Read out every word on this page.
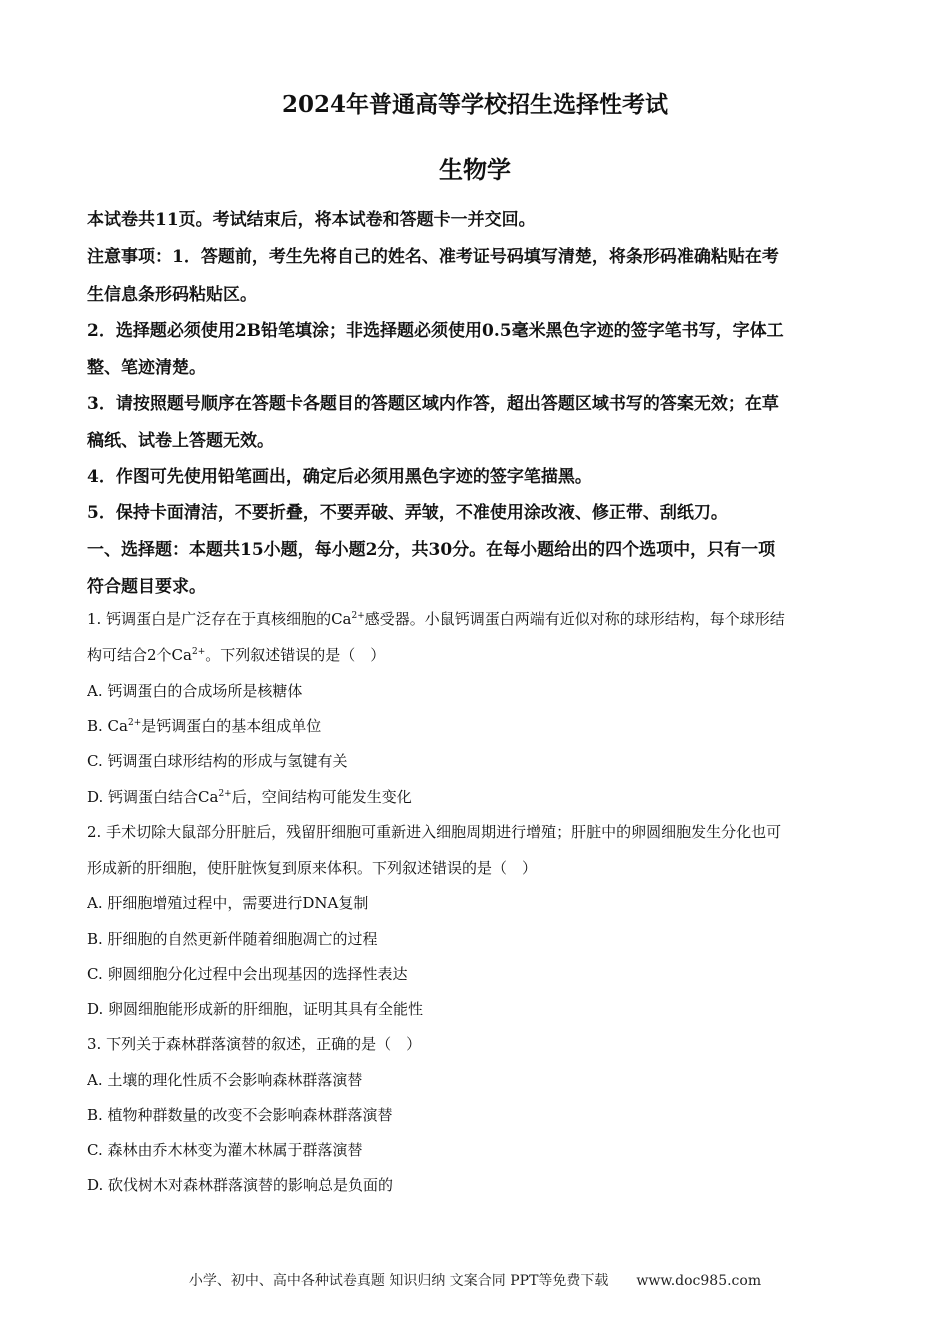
2024年普通高等学校招生选择性考试
生物学
本试卷共11页。考试结束后，将本试卷和答题卡一并交回。
注意事项：1．答题前，考生先将自己的姓名、准考证号码填写清楚，将条形码准确粘贴在考
生信息条形码粘贴区。
2．选择题必须使用2B铅笔填涂；非选择题必须使用0.5毫米黑色字迹的签字笔书写，字体工
整、笔迹清楚。
3．请按照题号顺序在答题卡各题目的答题区域内作答，超出答题区域书写的答案无效；在草
稿纸、试卷上答题无效。
4．作图可先使用铅笔画出，确定后必须用黑色字迹的签字笔描黑。
5．保持卡面清洁，不要折叠，不要弄破、弄皱，不准使用涂改液、修正带、刮纸刀。
一、选择题：本题共15小题，每小题2分，共30分。在每小题给出的四个选项中，只有一项
符合题目要求。
1. 钙调蛋白是广泛存在于真核细胞的$Ca^{2+}$感受器。小鼠钙调蛋白两端有近似对称的球形结构，每个球形结
构可结合2个$Ca^{2+}$。下列叙述错误的是（　）
A. 钙调蛋白的合成场所是核糖体
B. $Ca^{2+}$是钙调蛋白的基本组成单位
C. 钙调蛋白球形结构的形成与氢键有关
D. 钙调蛋白结合$Ca^{2+}$后，空间结构可能发生变化
2. 手术切除大鼠部分肝脏后，残留肝细胞可重新进入细胞周期进行增殖；肝脏中的卵圆细胞发生分化也可
形成新的肝细胞，使肝脏恢复到原来体积。下列叙述错误的是（　）
A. 肝细胞增殖过程中，需要进行DNA复制
B. 肝细胞的自然更新伴随着细胞凋亡的过程
C. 卵圆细胞分化过程中会出现基因的选择性表达
D. 卵圆细胞能形成新的肝细胞，证明其具有全能性
3. 下列关于森林群落演替的叙述，正确的是（　）
A. 土壤的理化性质不会影响森林群落演替
B. 植物种群数量的改变不会影响森林群落演替
C. 森林由乔木林变为灌木林属于群落演替
D. 砍伐树木对森林群落演替的影响总是负面的
小学、初中、高中各种试卷真题 知识归纳 文案合同 PPT等免费下载　　www.doc985.com
